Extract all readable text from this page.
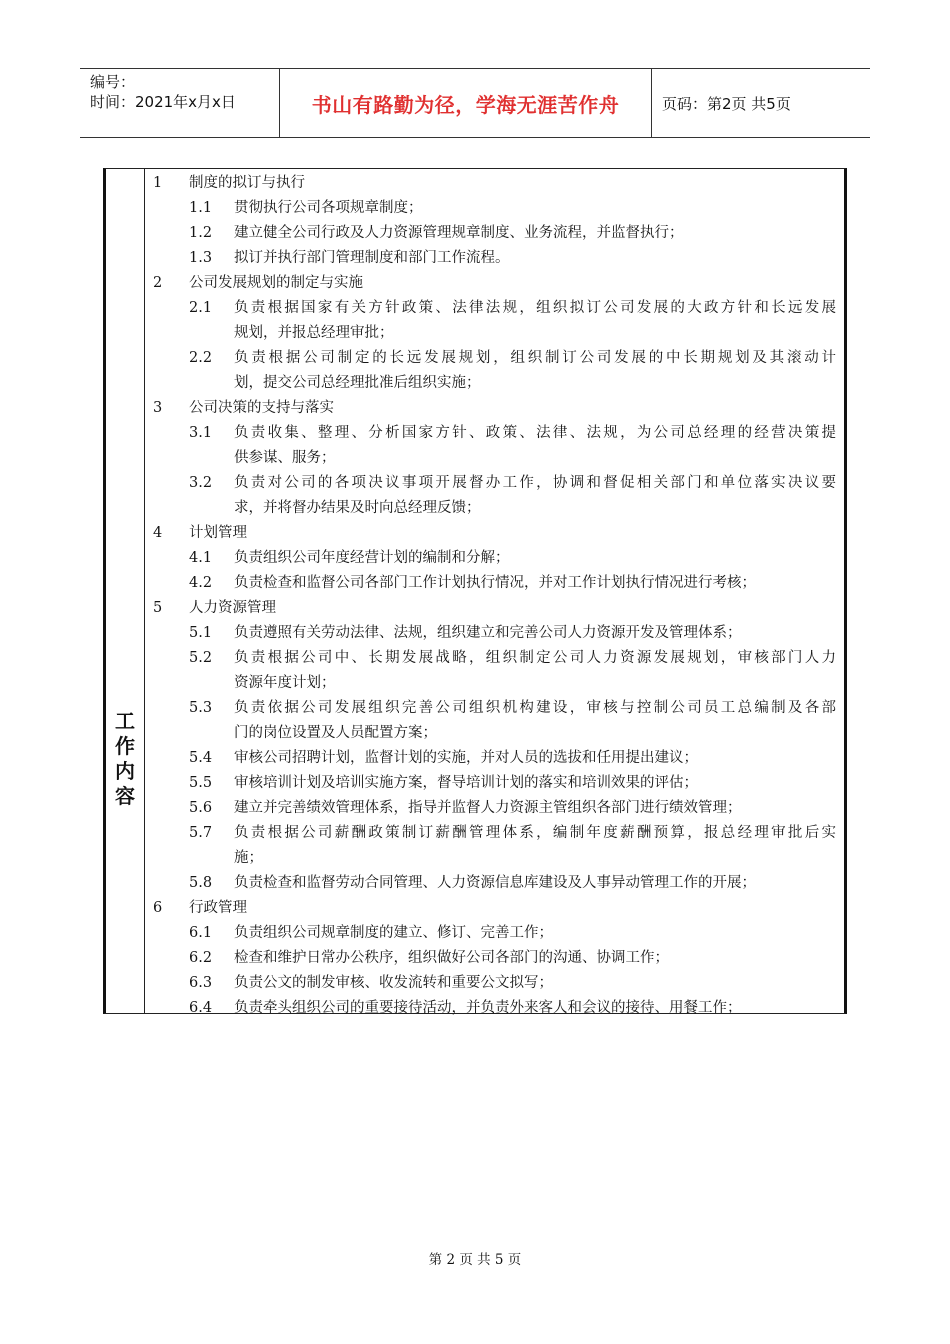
编号：
时间：2021年x月x日	书山有路勤为径，学海无涯苦作舟	页码：第2页 共5页
工
作
内
容
1	制度的拟订与执行
1.1	贯彻执行公司各项规章制度；
1.2	建立健全公司行政及人力资源管理规章制度、业务流程，并监督执行；
1.3	拟订并执行部门管理制度和部门工作流程。
2	公司发展规划的制定与实施
2.1	负责根据国家有关方针政策、法律法规，组织拟订公司发展的大政方针和长远发展
规划，并报总经理审批；
2.2	负责根据公司制定的长远发展规划，组织制订公司发展的中长期规划及其滚动计
划，提交公司总经理批准后组织实施；
3	公司决策的支持与落实
3.1	负责收集、整理、分析国家方针、政策、法律、法规，为公司总经理的经营决策提
供参谋、服务；
3.2	负责对公司的各项决议事项开展督办工作，协调和督促相关部门和单位落实决议要
求，并将督办结果及时向总经理反馈；
4	计划管理
4.1	负责组织公司年度经营计划的编制和分解；
4.2	负责检查和监督公司各部门工作计划执行情况，并对工作计划执行情况进行考核；
5	人力资源管理
5.1	负责遵照有关劳动法律、法规，组织建立和完善公司人力资源开发及管理体系；
5.2	负责根据公司中、长期发展战略，组织制定公司人力资源发展规划，审核部门人力
资源年度计划；
5.3	负责依据公司发展组织完善公司组织机构建设，审核与控制公司员工总编制及各部
门的岗位设置及人员配置方案；
5.4	审核公司招聘计划，监督计划的实施，并对人员的选拔和任用提出建议；
5.5	审核培训计划及培训实施方案，督导培训计划的落实和培训效果的评估；
5.6	建立并完善绩效管理体系，指导并监督人力资源主管组织各部门进行绩效管理；
5.7	负责根据公司薪酬政策制订薪酬管理体系，编制年度薪酬预算，报总经理审批后实
施；
5.8	负责检查和监督劳动合同管理、人力资源信息库建设及人事异动管理工作的开展；
6	行政管理
6.1	负责组织公司规章制度的建立、修订、完善工作；
6.2	检查和维护日常办公秩序，组织做好公司各部门的沟通、协调工作；
6.3	负责公文的制发审核、收发流转和重要公文拟写；
6.4	负责牵头组织公司的重要接待活动，并负责外来客人和会议的接待、用餐工作；
第 2 页 共 5 页
